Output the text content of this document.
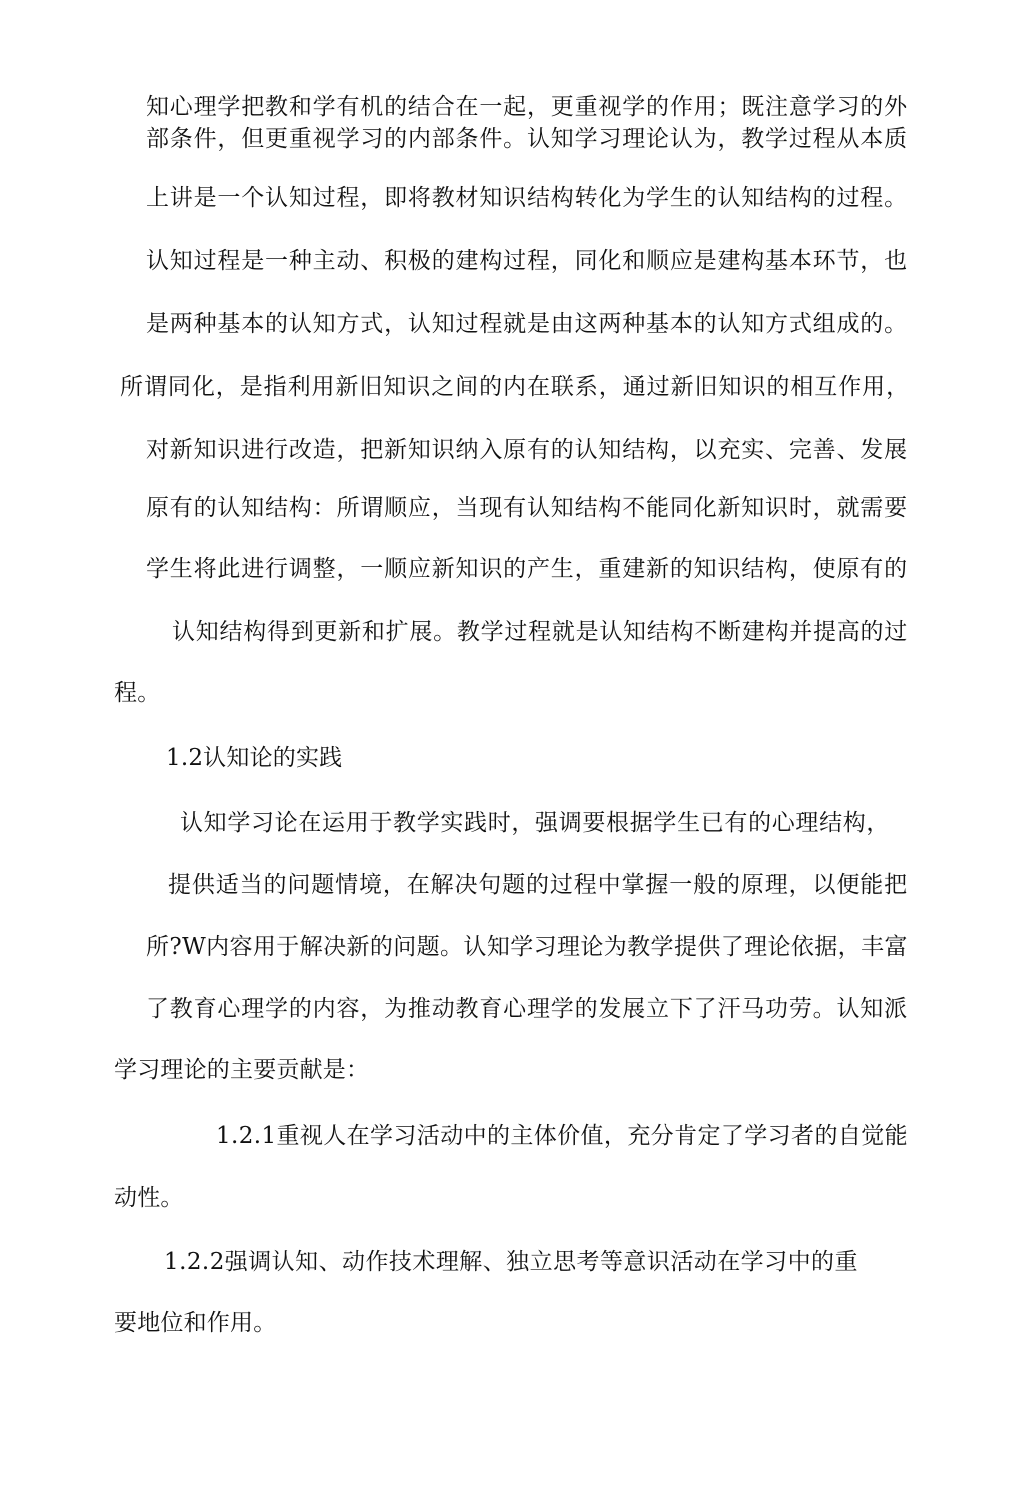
知心理学把教和学有机的结合在一起，更重视学的作用；既注意学习的外
部条件，但更重视学习的内部条件。认知学习理论认为，教学过程从本质
上讲是一个认知过程，即将教材知识结构转化为学生的认知结构的过程。
认知过程是一种主动、积极的建构过程，同化和顺应是建构基本环节，也
是两种基本的认知方式，认知过程就是由这两种基本的认知方式组成的。
所谓同化，是指利用新旧知识之间的内在联系，通过新旧知识的相互作用，
对新知识进行改造，把新知识纳入原有的认知结构，以充实、完善、发展
原有的认知结构：所谓顺应，当现有认知结构不能同化新知识时，就需要
学生将此进行调整，一顺应新知识的产生，重建新的知识结构，使原有的
认知结构得到更新和扩展。教学过程就是认知结构不断建构并提高的过
程。
1.2认知论的实践
认知学习论在运用于教学实践时，强调要根据学生已有的心理结构，
提供适当的问题情境，在解决句题的过程中掌握一般的原理，以便能把
所?W内容用于解决新的问题。认知学习理论为教学提供了理论依据，丰富
了教育心理学的内容，为推动教育心理学的发展立下了汗马功劳。认知派
学习理论的主要贡献是：
1.2.1重视人在学习活动中的主体价值，充分肯定了学习者的自觉能
动性。
1.2.2强调认知、动作技术理解、独立思考等意识活动在学习中的重
要地位和作用。
